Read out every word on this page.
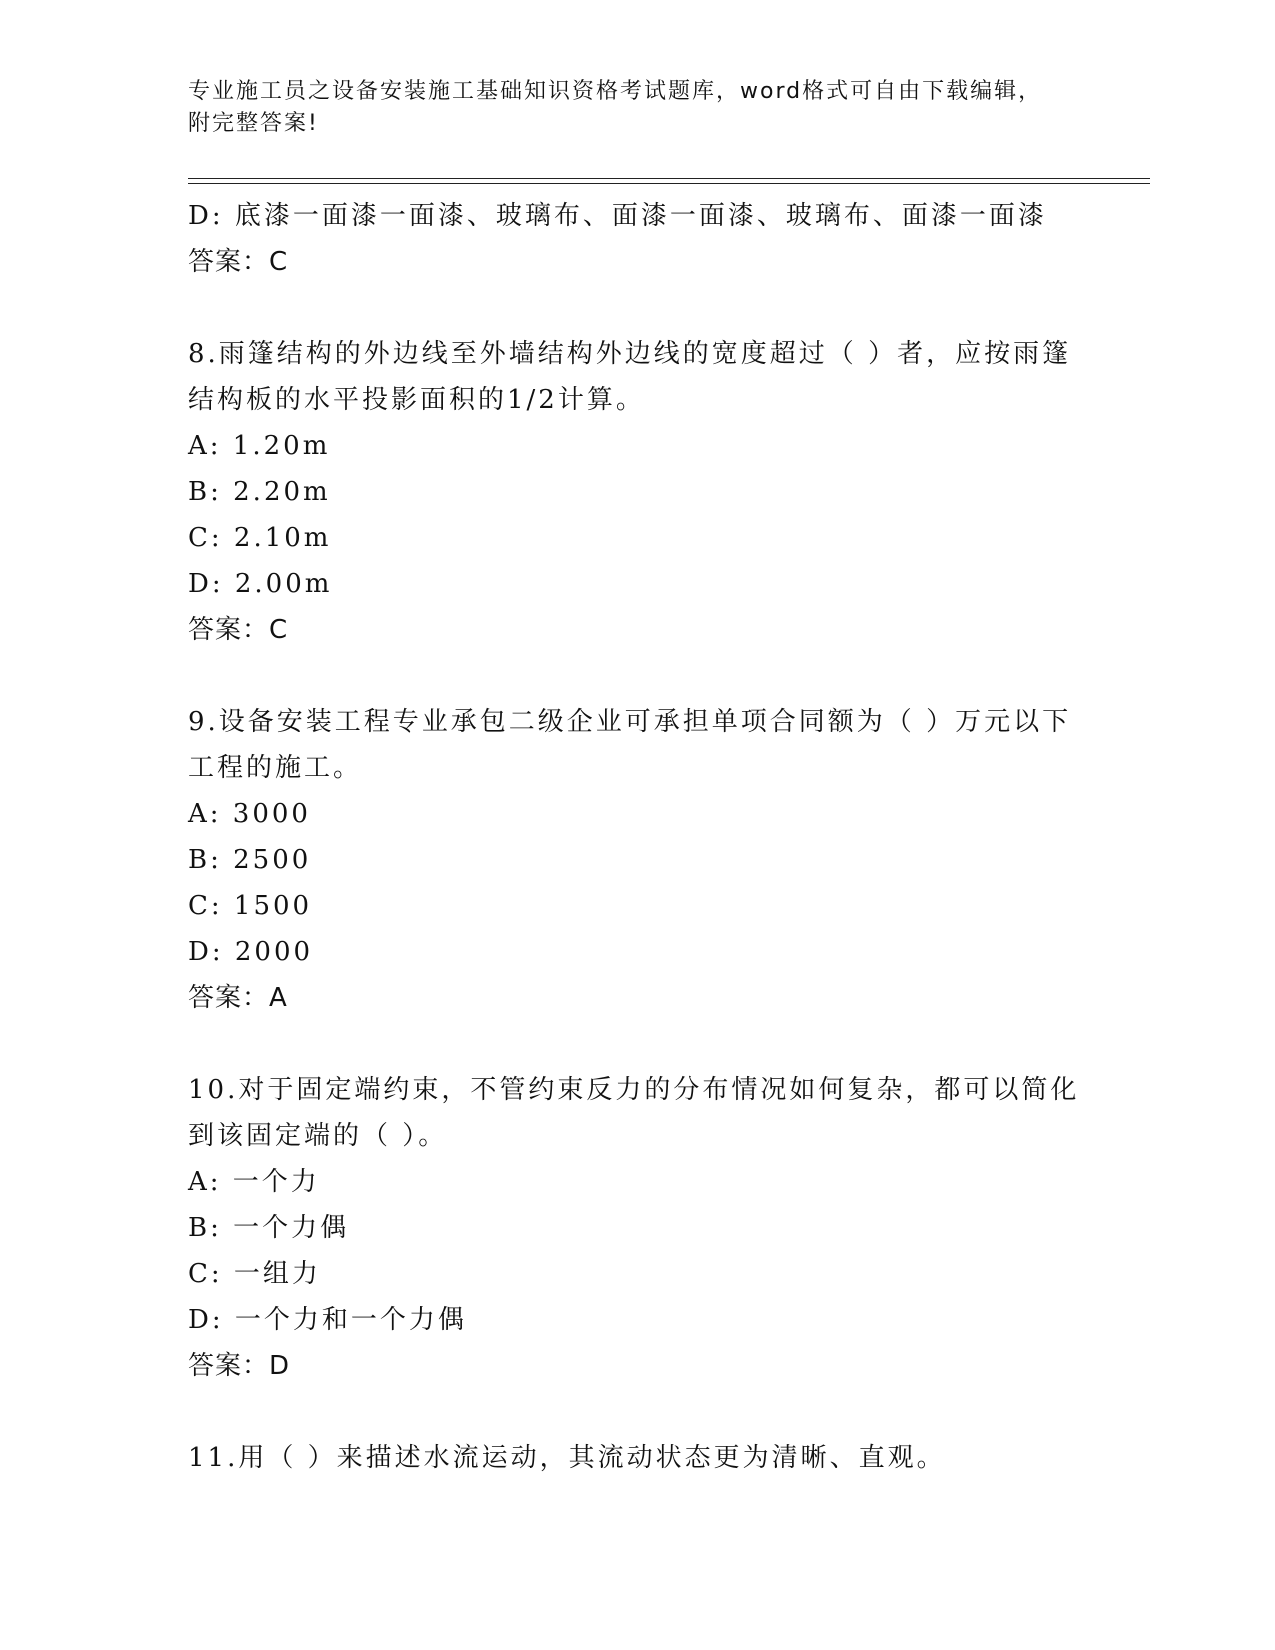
专业施工员之设备安装施工基础知识资格考试题库，word格式可自由下载编辑，
附完整答案!
D: 底漆一面漆一面漆、玻璃布、面漆一面漆、玻璃布、面漆一面漆
答案：C
8.雨篷结构的外边线至外墙结构外边线的宽度超过（ ）者，应按雨篷
结构板的水平投影面积的1/2计算。
A: 1.20m
B: 2.20m
C: 2.10m
D: 2.00m
答案：C
9.设备安装工程专业承包二级企业可承担单项合同额为（ ）万元以下
工程的施工。
A: 3000
B: 2500
C: 1500
D: 2000
答案：A
10.对于固定端约束，不管约束反力的分布情况如何复杂，都可以简化
到该固定端的（ ）。
A: 一个力
B: 一个力偶
C: 一组力
D: 一个力和一个力偶
答案：D
11.用（ ）来描述水流运动，其流动状态更为清晰、直观。
